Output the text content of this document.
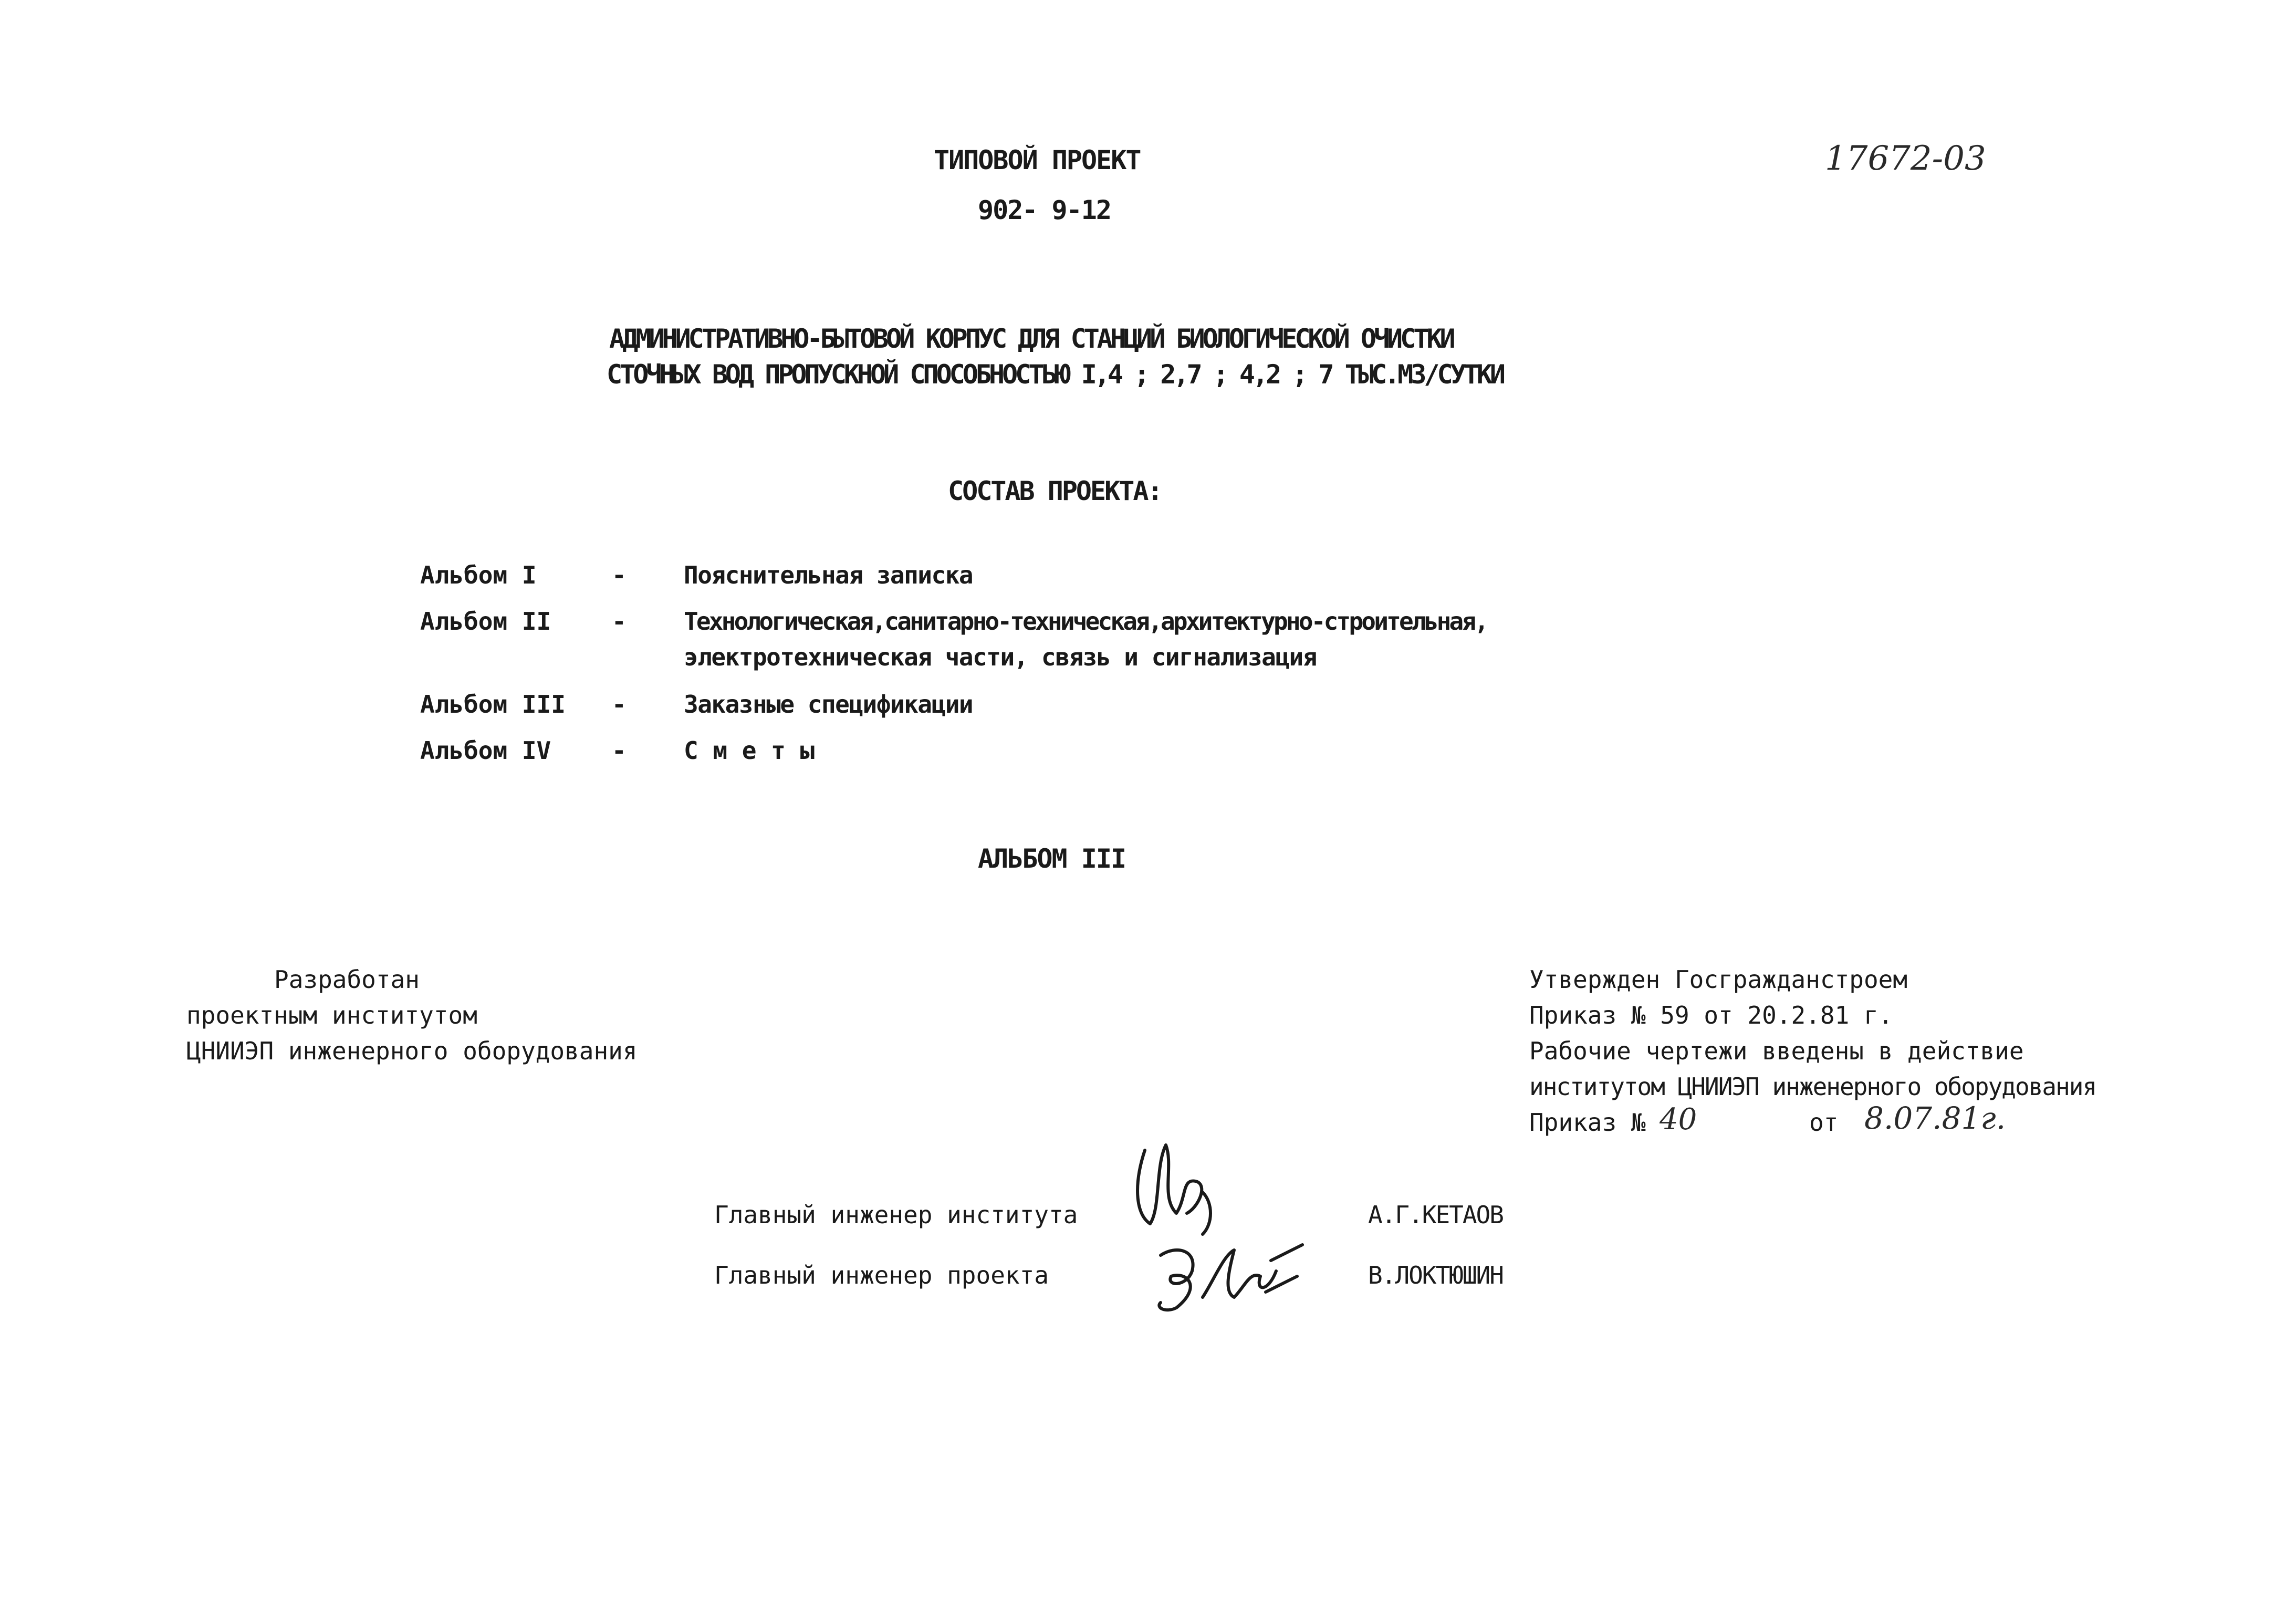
ТИПОВОЙ ПРОЕКТ
902- 9-12
17672-03
АДМИНИСТРАТИВНО-БЫТОВОЙ КОРПУС ДЛЯ СТАНЦИЙ БИОЛОГИЧЕСКОЙ ОЧИСТКИ
СТОЧНЫХ ВОД ПРОПУСКНОЙ СПОСОБНОСТЬЮ I,4 ; 2,7 ; 4,2 ; 7 ТЫС.М3/СУТКИ
СОСТАВ ПРОЕКТА:
Альбом I	- Пояснительная записка
Альбом II	- Технологическая,санитарно-техническая,архитектурно-строительная,
электротехническая части, связь и сигнализация
Альбом III - Заказные спецификации
Альбом IV	- С м е т ы
АЛЬБОМ III
Разработан
проектным институтом
ЦНИИЭП инженерного оборудования
Утвержден Госгражданстроем
Приказ № 59 от 20.2.81 г.
Рабочие чертежи введены в действие
институтом ЦНИИЭП инженерного оборудования
Приказ № 40	от 8.07.81г.
Главный инженер института	А.Г.КЕТАОВ
Главный инженер проекта	В.ЛОКТЮШИН
